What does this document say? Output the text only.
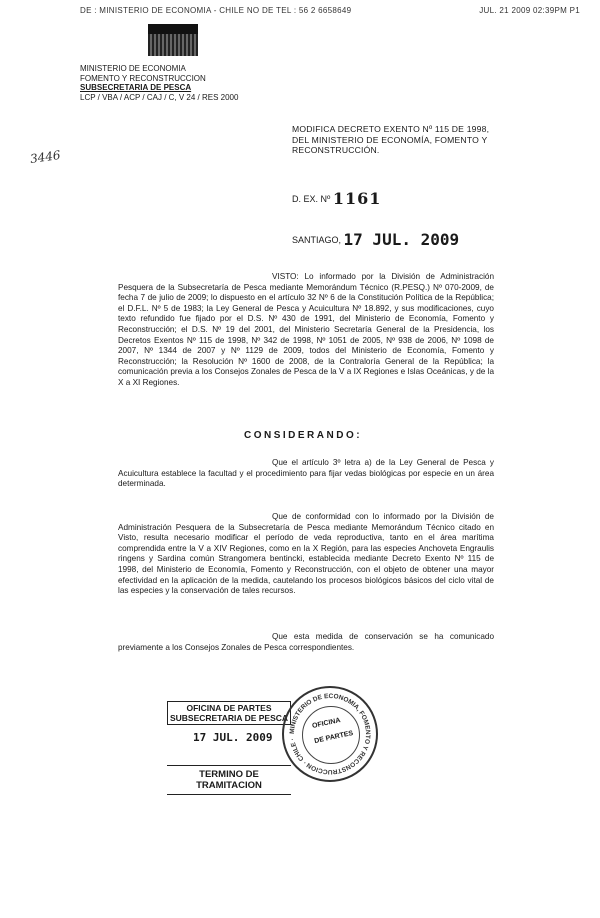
DE : MINISTERIO DE ECONOMIA - CHILE NO DE TEL : 56 2 6658649	JUL. 21 2009 02:39PM P1
MINISTERIO DE ECONOMIA
FOMENTO Y RECONSTRUCCION
SUBSECRETARIA DE PESCA
LCP / VBA / ACP / CAJ / C, V 24 / RES 2000
3446
MODIFICA DECRETO EXENTO Nº 115 DE 1998, DEL MINISTERIO DE ECONOMÍA, FOMENTO Y RECONSTRUCCIÓN.
D. EX. Nº 1161
SANTIAGO, 17 JUL. 2009
VISTO: Lo informado por la División de Administración Pesquera de la Subsecretaría de Pesca mediante Memorándum Técnico (R.PESQ.) Nº 070-2009, de fecha 7 de julio de 2009; lo dispuesto en el artículo 32 Nº 6 de la Constitución Política de la República; el D.F.L. Nº 5 de 1983; la Ley General de Pesca y Acuicultura Nº 18.892, y sus modificaciones, cuyo texto refundido fue fijado por el D.S. Nº 430 de 1991, del Ministerio de Economía, Fomento y Reconstrucción; el D.S. Nº 19 del 2001, del Ministerio Secretaría General de la Presidencia, los Decretos Exentos Nº 115 de 1998, Nº 342 de 1998, Nº 1051 de 2005, Nº 938 de 2006, Nº 1098 de 2007, Nº 1344 de 2007 y Nº 1129 de 2009, todos del Ministerio de Economía, Fomento y Reconstrucción; la Resolución Nº 1600 de 2008, de la Contraloría General de la República; la comunicación previa a los Consejos Zonales de Pesca de la V a IX Regiones e Islas Oceánicas, y de la X a XI Regiones.
CONSIDERANDO:
Que el artículo 3º letra a) de la Ley General de Pesca y Acuicultura establece la facultad y el procedimiento para fijar vedas biológicas por especie en un área determinada.
Que de conformidad con lo informado por la División de Administración Pesquera de la Subsecretaría de Pesca mediante Memorándum Técnico citado en Visto, resulta necesario modificar el período de veda reproductiva, tanto en el área marítima comprendida entre la V a XIV Regiones, como en la X Región, para las especies Anchoveta Engraulis ringens y Sardina común Strangomera bentincki, establecida mediante Decreto Exento Nº 115 de 1998, del Ministerio de Economía, Fomento y Reconstrucción, con el objeto de obtener una mayor efectividad en la aplicación de la medida, cautelando los procesos biológicos básicos del ciclo vital de las especies y la conservación de tales recursos.
Que esta medida de conservación se ha comunicado previamente a los Consejos Zonales de Pesca correspondientes.
OFICINA DE PARTES
SUBSECRETARIA DE PESCA
17 JUL. 2009
TERMINO DE TRAMITACION
MINISTERIO DE ECONOMIA, FOMENTO Y RECONSTRUCCION · CHILE ·
OFICINA
DE PARTES
